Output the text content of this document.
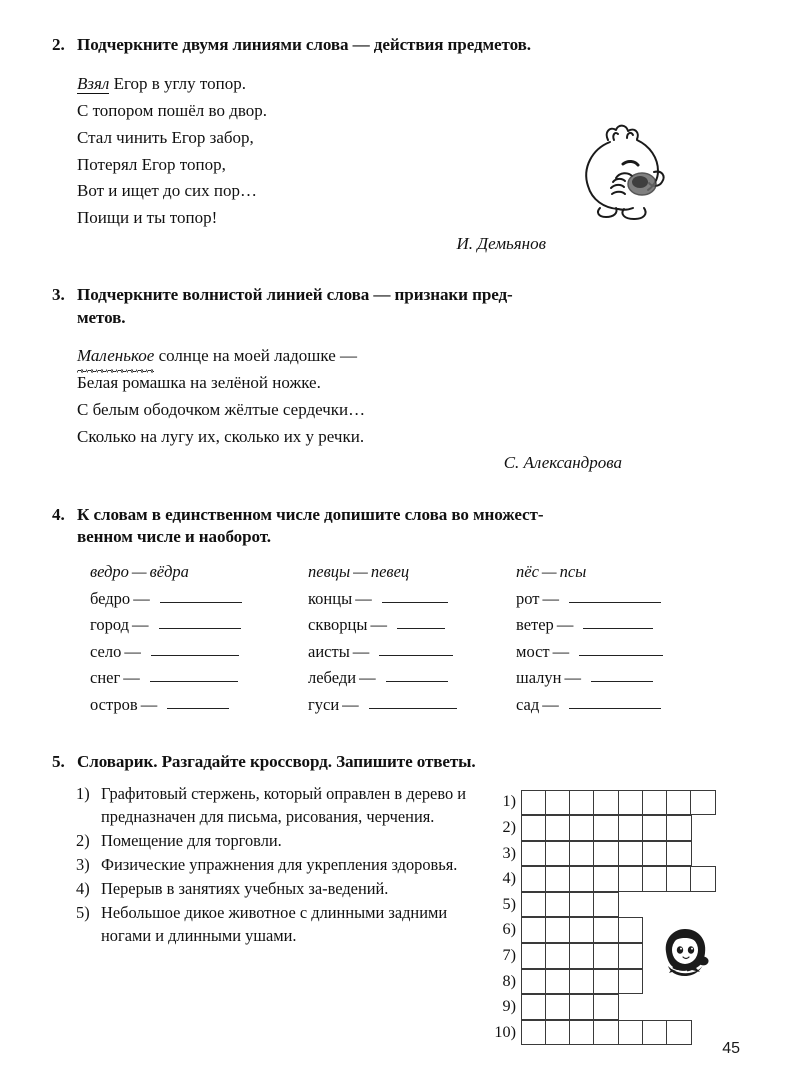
2. Подчеркните двумя линиями слова — действия предметов.
Взял Егор в углу топор.
С топором пошёл во двор.
Стал чинить Егор забор,
Потерял Егор топор,
Вот и ищет до сих пор…
Поищи и ты топор!
И. Демьянов
3. Подчеркните волнистой линией слова — признаки пред-
метов.
Маленькое солнце на моей ладошке —
Белая ромашка на зелёной ножке.
С белым ободочком жёлтые сердечки…
Сколько на лугу их, сколько их у речки.
С. Александрова
4. К словам в единственном числе допишите слова во множест-
венном числе и наоборот.
ведро — вёдра
бедро —
город —
село —
снег —
остров —
певцы — певец
концы —
скворцы —
аисты —
лебеди —
гуси —
пёс — псы
рот —
ветер —
мост —
шалун —
сад —
5. Словарик. Разгадайте кроссворд. Запишите ответы.
1) Графитовый стержень, который оправлен в дерево и предназначен для письма, рисования, черчения.
2) Помещение для торговли.
3) Физические упражнения для укрепления здоровья.
4) Перерыв в занятиях учебных за-ведений.
5) Небольшое дикое животное с длинными задними ногами и длинными ушами.
1)
2)
3)
4)
5)
6)
7)
8)
9)
10)
45
